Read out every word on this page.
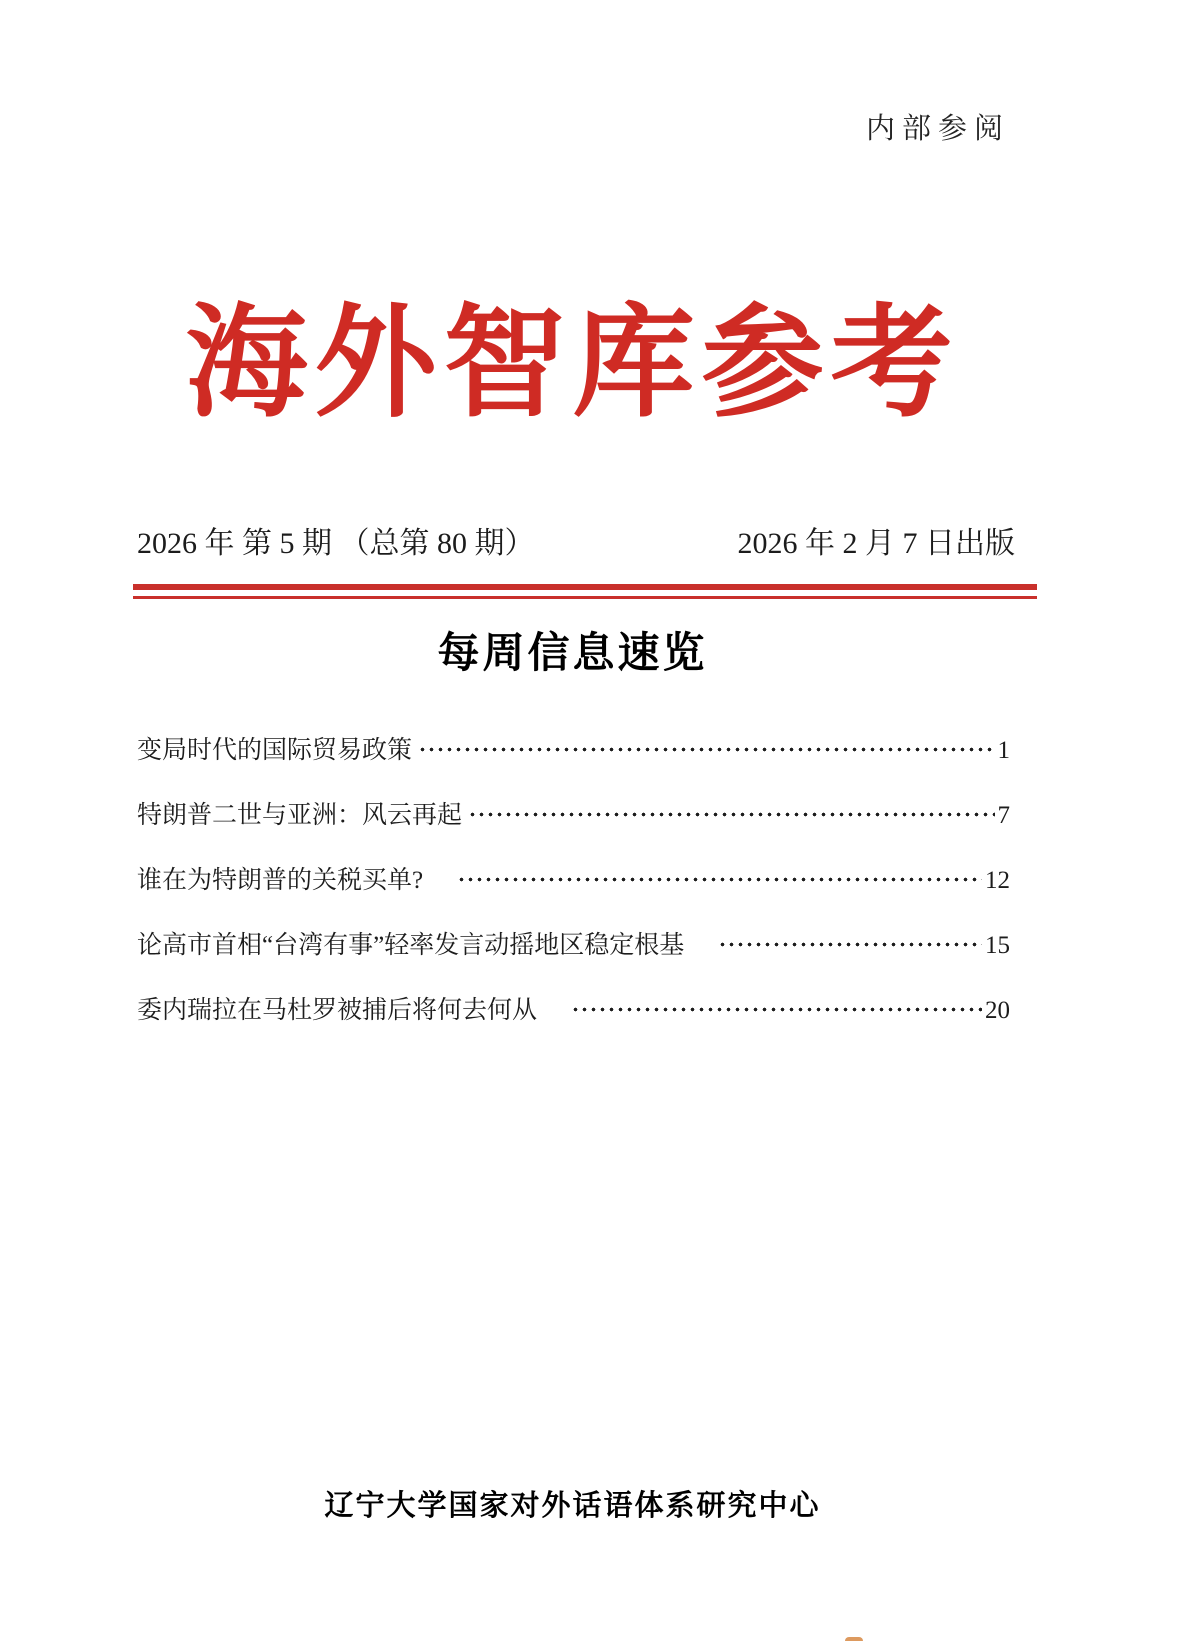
内部参阅
海外智库参考
2026 年 第 5 期 （总第 80 期）	2026 年 2 月 7 日出版
每周信息速览
变局时代的国际贸易政策	1
特朗普二世与亚洲：风云再起	7
谁在为特朗普的关税买单?	12
论高市首相“台湾有事”轻率发言动摇地区稳定根基	15
委内瑞拉在马杜罗被捕后将何去何从	20
辽宁大学国家对外话语体系研究中心
